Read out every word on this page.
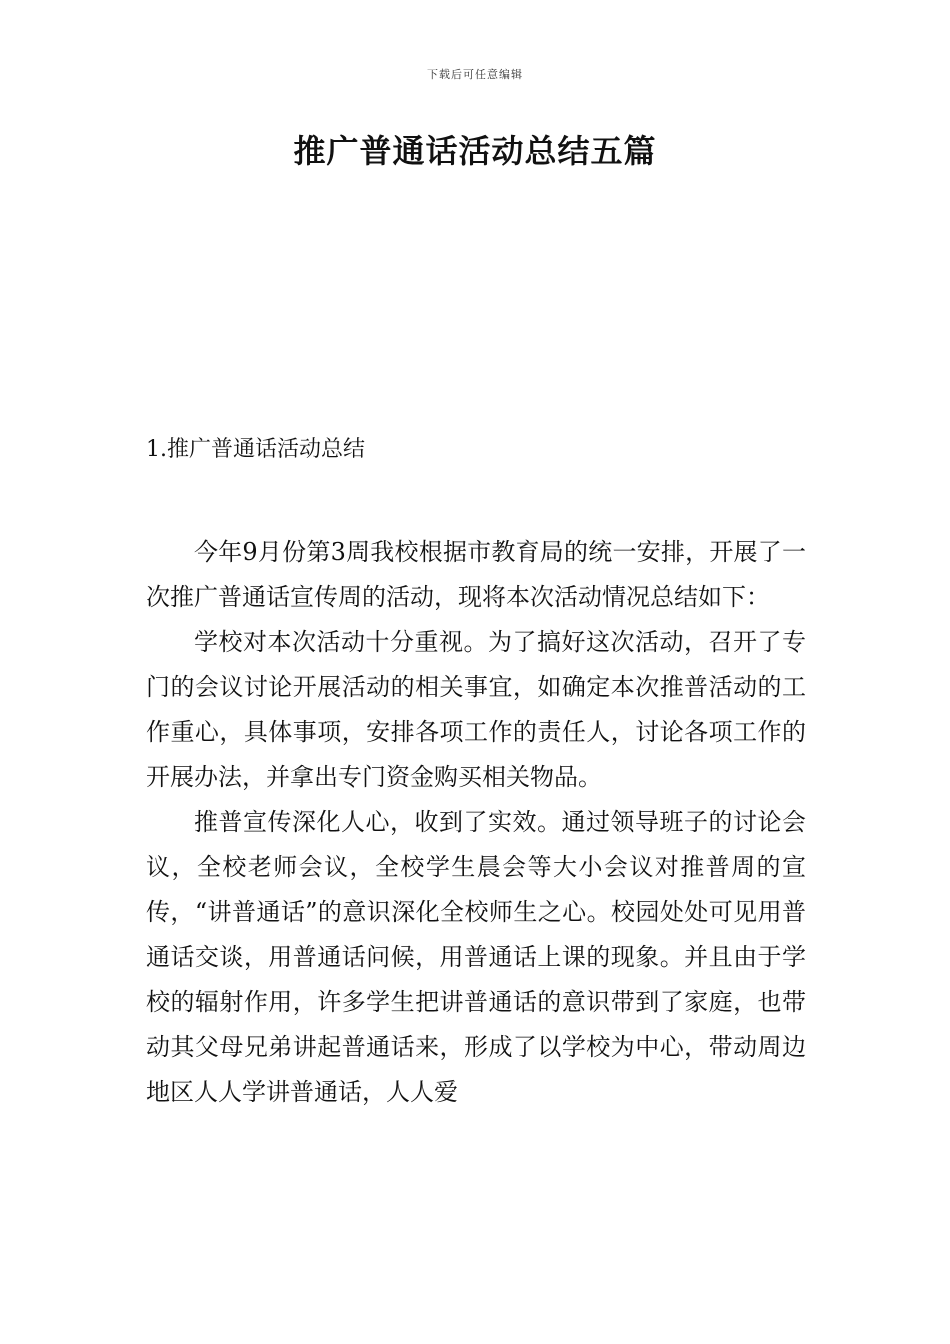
下载后可任意编辑
推广普通话活动总结五篇
1.推广普通话活动总结

今年9月份第3周我校根据市教育局的统一安排，开展了一次推广普通话宣传周的活动，现将本次活动情况总结如下：

学校对本次活动十分重视。为了搞好这次活动，召开了专门的会议讨论开展活动的相关事宜，如确定本次推普活动的工作重心，具体事项，安排各项工作的责任人，讨论各项工作的开展办法，并拿出专门资金购买相关物品。

推普宣传深化人心，收到了实效。通过领导班子的讨论会议，全校老师会议，全校学生晨会等大小会议对推普周的宣传，“讲普通话”的意识深化全校师生之心。校园处处可见用普通话交谈，用普通话问候，用普通话上课的现象。并且由于学校的辐射作用，许多学生把讲普通话的意识带到了家庭，也带动其父母兄弟讲起普通话来，形成了以学校为中心，带动周边地区人人学讲普通话，人人爱
